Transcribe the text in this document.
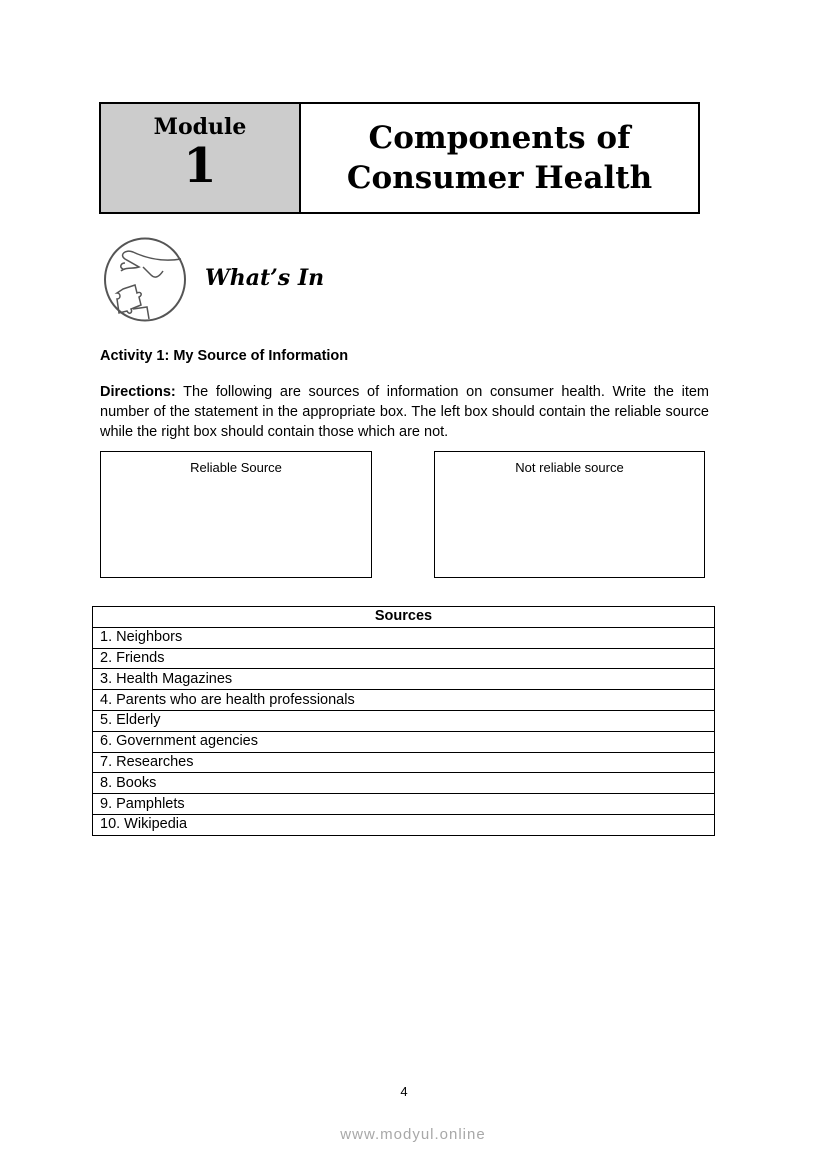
Module
1	Components of
Consumer Health
What’s In
Activity 1: My Source of Information
Directions: The following are sources of information on consumer health. Write the item number of the statement in the appropriate box. The left box should contain the reliable source while the right box should contain those which are not.
Reliable Source	Not reliable source
Sources
1. Neighbors
2. Friends
3. Health Magazines
4. Parents who are health professionals
5. Elderly
6. Government agencies
7. Researches
8. Books
9. Pamphlets
10. Wikipedia
4
www.modyul.online
